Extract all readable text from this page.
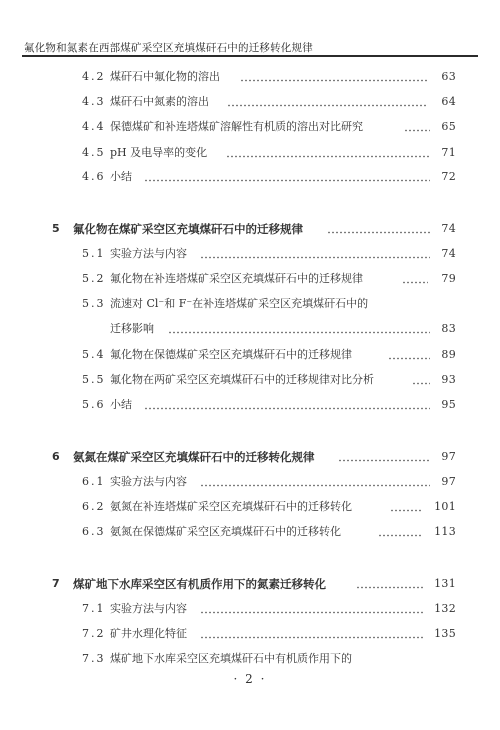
氟化物和氮素在西部煤矿采空区充填煤矸石中的迁移转化规律
4.2 煤矸石中氟化物的溶出	63
4.3 煤矸石中氮素的溶出	64
4.4 保德煤矿和补连塔煤矿溶解性有机质的溶出对比研究	65
4.5 pH 及电导率的变化	71
4.6 小结	72
5 氟化物在煤矿采空区充填煤矸石中的迁移规律	74
5.1 实验方法与内容	74
5.2 氟化物在补连塔煤矿采空区充填煤矸石中的迁移规律	79
5.3 流速对 Cl⁻和 F⁻在补连塔煤矿采空区充填煤矸石中的
迁移影响	83
5.4 氟化物在保德煤矿采空区充填煤矸石中的迁移规律	89
5.5 氟化物在两矿采空区充填煤矸石中的迁移规律对比分析	93
5.6 小结	95
6 氨氮在煤矿采空区充填煤矸石中的迁移转化规律	97
6.1 实验方法与内容	97
6.2 氨氮在补连塔煤矿采空区充填煤矸石中的迁移转化	101
6.3 氨氮在保德煤矿采空区充填煤矸石中的迁移转化	113
7 煤矿地下水库采空区有机质作用下的氮素迁移转化	131
7.1 实验方法与内容	132
7.2 矿井水理化特征	135
7.3 煤矿地下水库采空区充填煤矸石中有机质作用下的
· 2 ·
